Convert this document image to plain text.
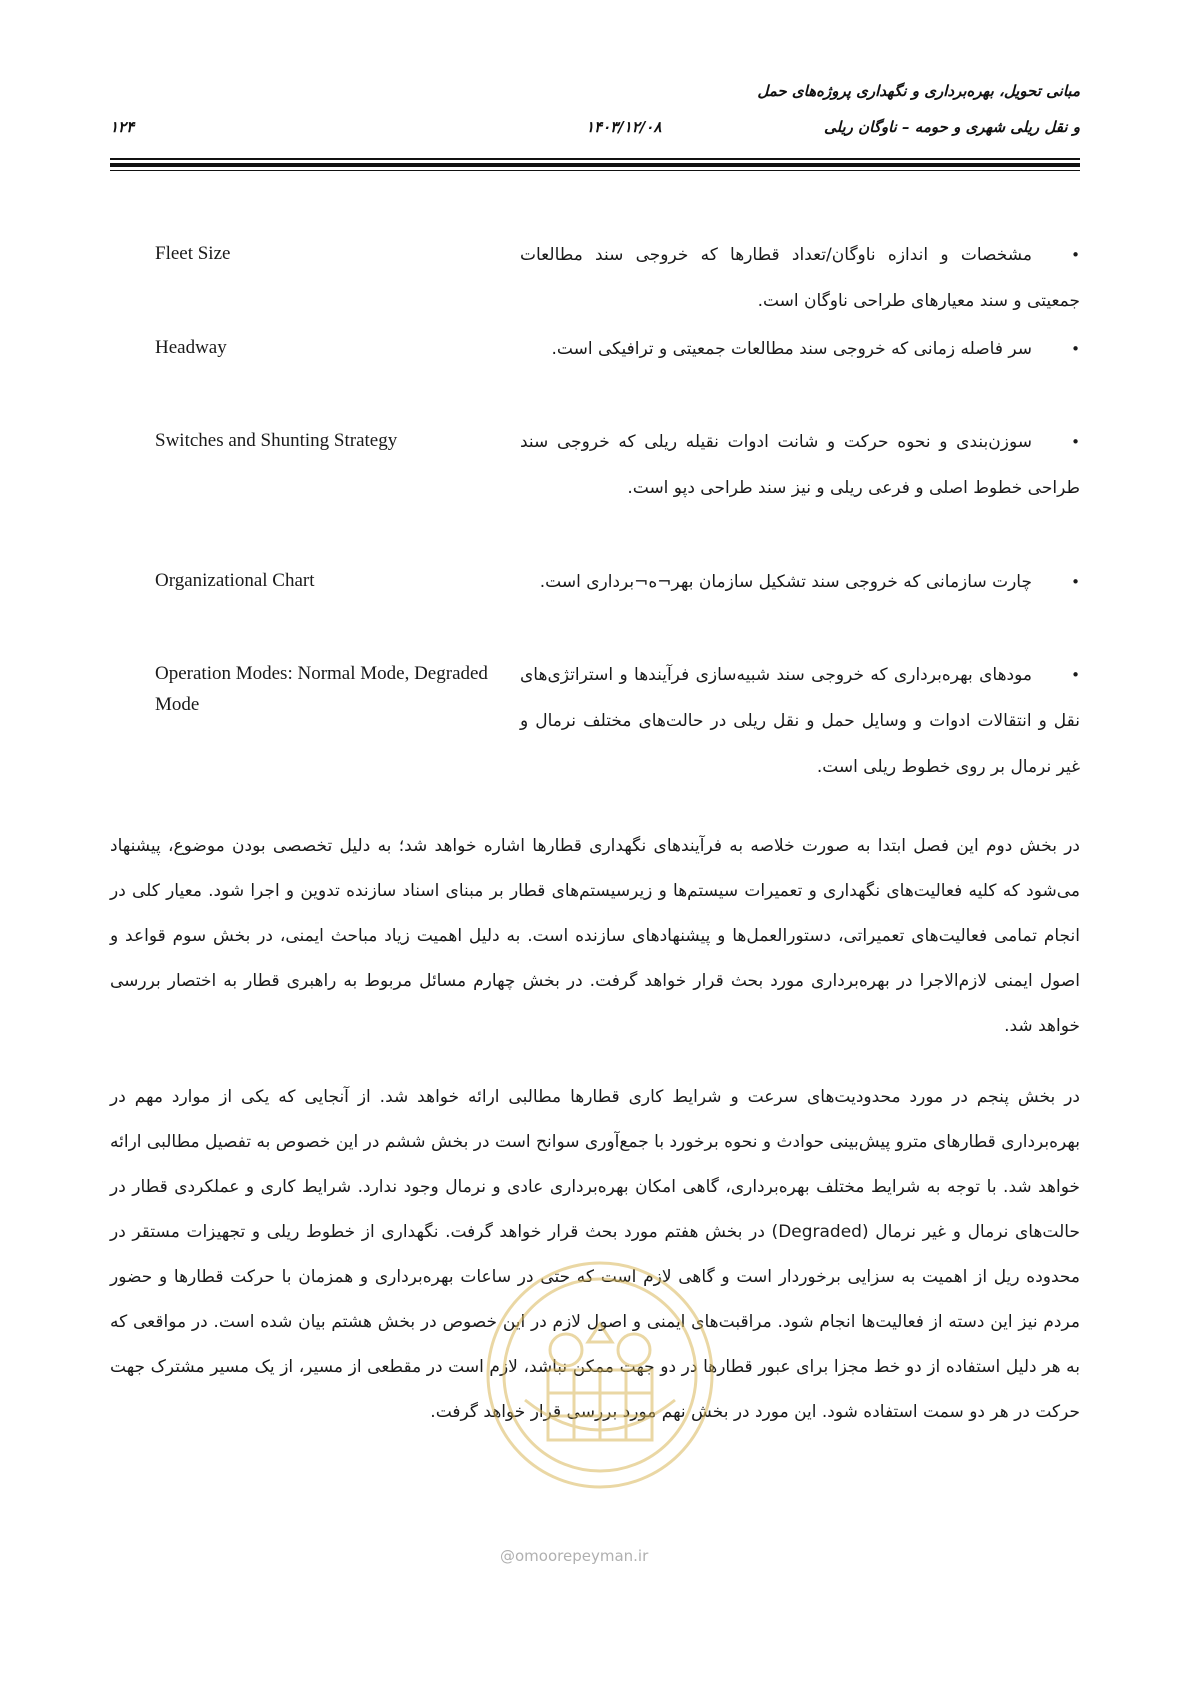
مبانی تحویل، بهره‌برداری و نگهداری پروژه‌های حمل
و نقل ریلی شهری و حومه – ناوگان ریلی
۱۴۰۳/۱۲/۰۸
۱۲۴
Fleet Size	•مشخصات و اندازه ناوگان/تعداد قطارها که خروجی سند مطالعات جمعیتی و سند معیارهای طراحی ناوگان است.
Headway	•سر فاصله زمانی که خروجی سند مطالعات جمعیتی و ترافیکی است.
Switches and Shunting Strategy	•سوزن‌بندی و نحوه حرکت و شانت ادوات نقیله ریلی که خروجی سند طراحی خطوط اصلی و فرعی ریلی و نیز سند طراحی دپو است.
Organizational Chart	•چارت سازمانی که خروجی سند تشکیل سازمان بهر¬ه¬برداری است.
Operation Modes: Normal Mode, Degraded Mode
•مودهای بهره‌برداری که خروجی سند شبیه‌سازی فرآیندها و استراتژی‌های نقل و انتقالات ادوات و وسایل حمل و نقل ریلی در حالت‌های مختلف نرمال و غیر نرمال بر روی خطوط ریلی است.
در بخش دوم این فصل ابتدا به صورت خلاصه به فرآیندهای نگهداری قطارها اشاره خواهد شد؛ به دلیل تخصصی بودن موضوع، پیشنهاد می‌شود که کلیه فعالیت‌های نگهداری و تعمیرات سیستم‌ها و زیرسیستم‌های قطار بر مبنای اسناد سازنده تدوین و اجرا شود. معیار کلی در انجام تمامی فعالیت‌های تعمیراتی، دستورالعمل‌ها و پیشنهادهای سازنده است. به دلیل اهمیت زیاد مباحث ایمنی، در بخش سوم قواعد و اصول ایمنی لازم‌الاجرا در بهره‌برداری مورد بحث قرار خواهد گرفت. در بخش چهارم مسائل مربوط به راهبری قطار به اختصار بررسی خواهد شد.
در بخش پنجم در مورد محدودیت‌های سرعت و شرایط کاری قطارها مطالبی ارائه خواهد شد. از آنجایی که یکی از موارد مهم در بهره‌برداری قطارهای مترو پیش‌بینی حوادث و نحوه برخورد با جمع‌آوری سوانح است در بخش ششم در این خصوص به تفصیل مطالبی ارائه خواهد شد. با توجه به شرایط مختلف بهره‌برداری، گاهی امکان بهره‌برداری عادی و نرمال وجود ندارد. شرایط کاری و عملکردی قطار در حالت‌های نرمال و غیر نرمال (Degraded) در بخش هفتم مورد بحث قرار خواهد گرفت. نگهداری از خطوط ریلی و تجهیزات مستقر در محدوده ریل از اهمیت به سزایی برخوردار است و گاهی لازم است که حتی در ساعات بهره‌برداری و همزمان با حرکت قطارها و حضور مردم نیز این دسته از فعالیت‌ها انجام شود. مراقبت‌های ایمنی و اصول لازم در این خصوص در بخش هشتم بیان شده است. در مواقعی که به هر دلیل استفاده از دو خط مجزا برای عبور قطارها در دو جهت ممکن نباشد، لازم است در مقطعی از مسیر، از یک مسیر مشترک جهت حرکت در هر دو سمت استفاده شود. این مورد در بخش نهم مورد بررسی قرار خواهد گرفت.
@omoorepeyman.ir
